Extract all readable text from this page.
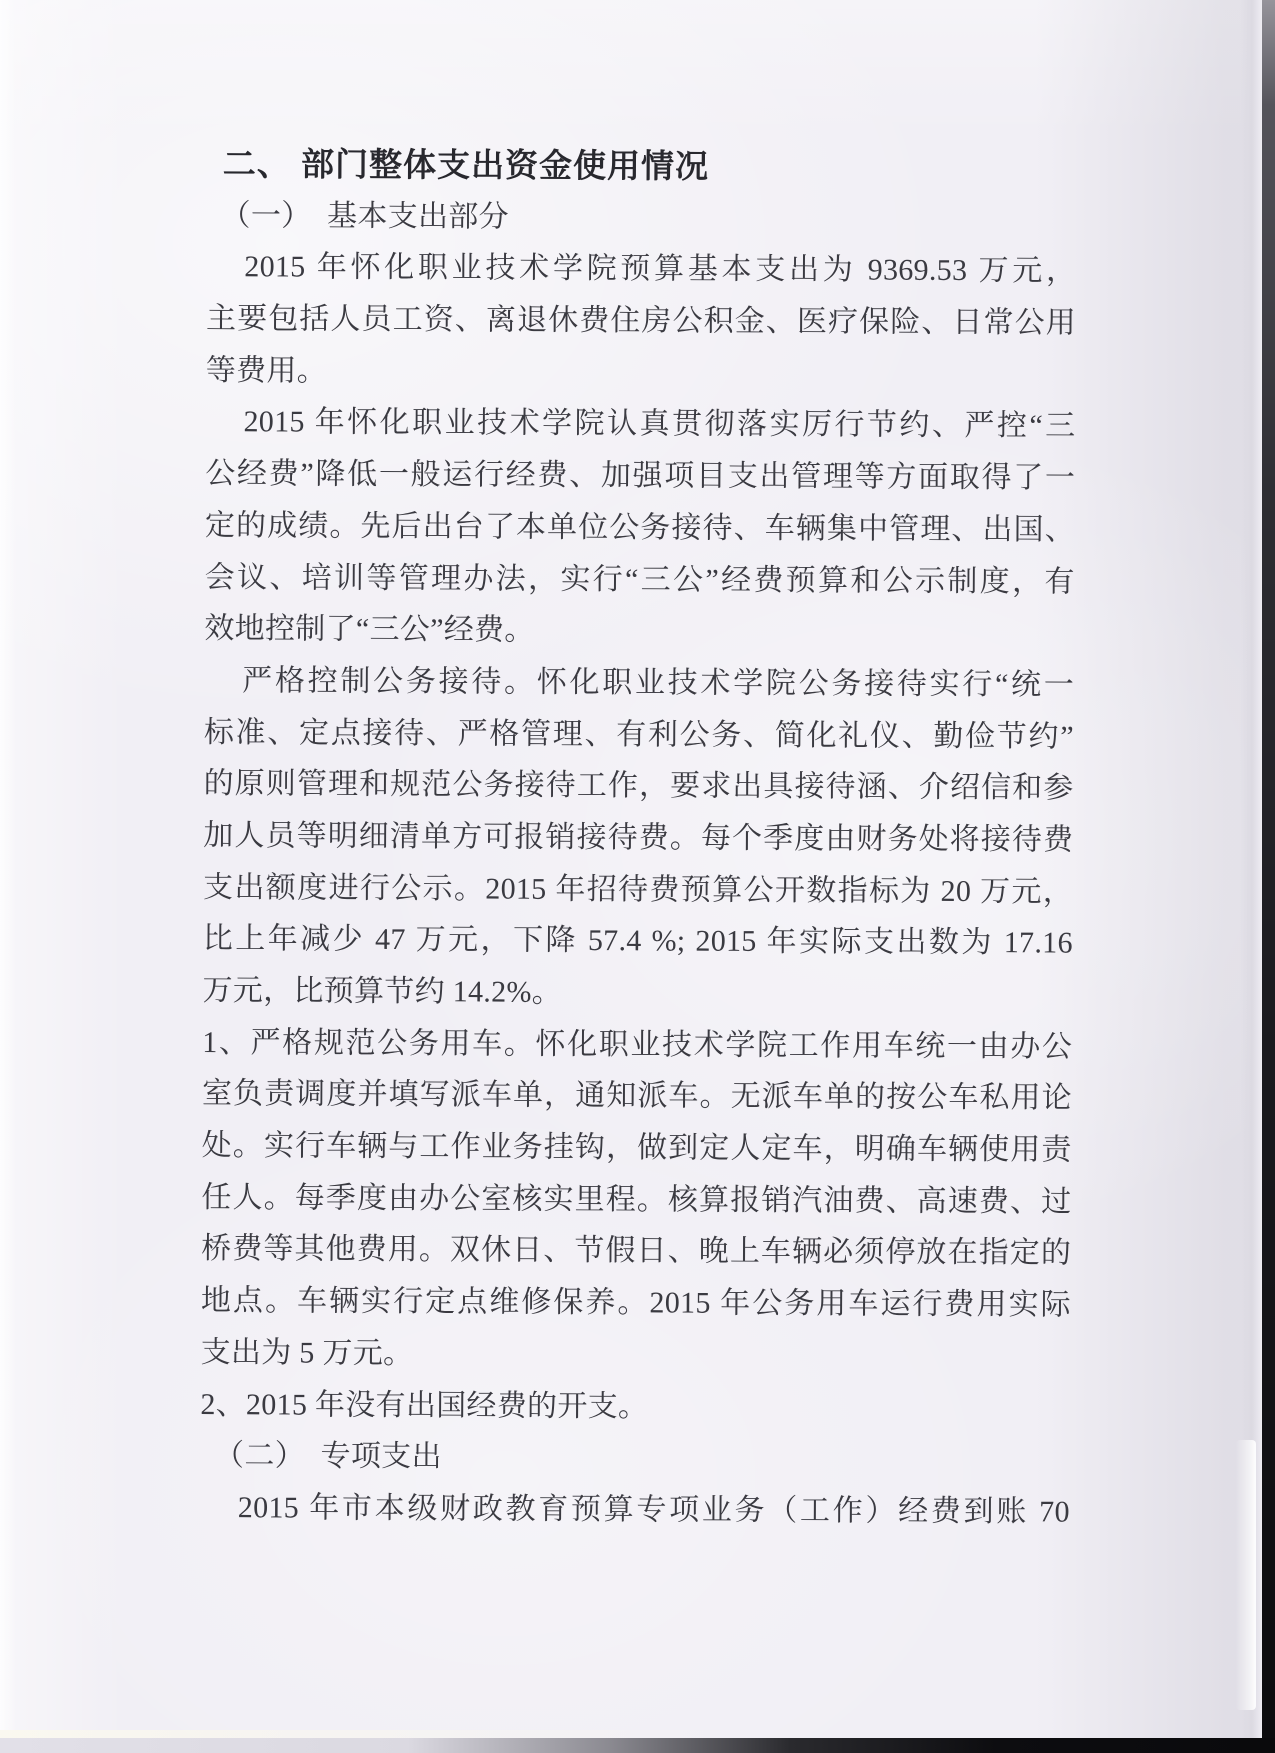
二、 部门整体支出资金使用情况
（一）  基本支出部分
2015 年怀化职业技术学院预算基本支出为 9369.53 万元，
主要包括人员工资、离退休费住房公积金、医疗保险、日常公用
等费用。
2015 年怀化职业技术学院认真贯彻落实厉行节约、严控“三
公经费”降低一般运行经费、加强项目支出管理等方面取得了一
定的成绩。先后出台了本单位公务接待、车辆集中管理、出国、
会议、培训等管理办法，实行“三公”经费预算和公示制度，有
效地控制了“三公”经费。
严格控制公务接待。怀化职业技术学院公务接待实行“统一
标准、定点接待、严格管理、有利公务、简化礼仪、勤俭节约”
的原则管理和规范公务接待工作，要求出具接待涵、介绍信和参
加人员等明细清单方可报销接待费。每个季度由财务处将接待费
支出额度进行公示。2015 年招待费预算公开数指标为 20 万元，
比上年减少 47 万元，下降 57.4 %; 2015 年实际支出数为 17.16
万元，比预算节约 14.2%。
1、严格规范公务用车。怀化职业技术学院工作用车统一由办公
室负责调度并填写派车单，通知派车。无派车单的按公车私用论
处。实行车辆与工作业务挂钩，做到定人定车，明确车辆使用责
任人。每季度由办公室核实里程。核算报销汽油费、高速费、过
桥费等其他费用。双休日、节假日、晚上车辆必须停放在指定的
地点。车辆实行定点维修保养。2015 年公务用车运行费用实际
支出为 5 万元。
2、2015 年没有出国经费的开支。
（二）  专项支出
2015 年市本级财政教育预算专项业务（工作）经费到账 70
